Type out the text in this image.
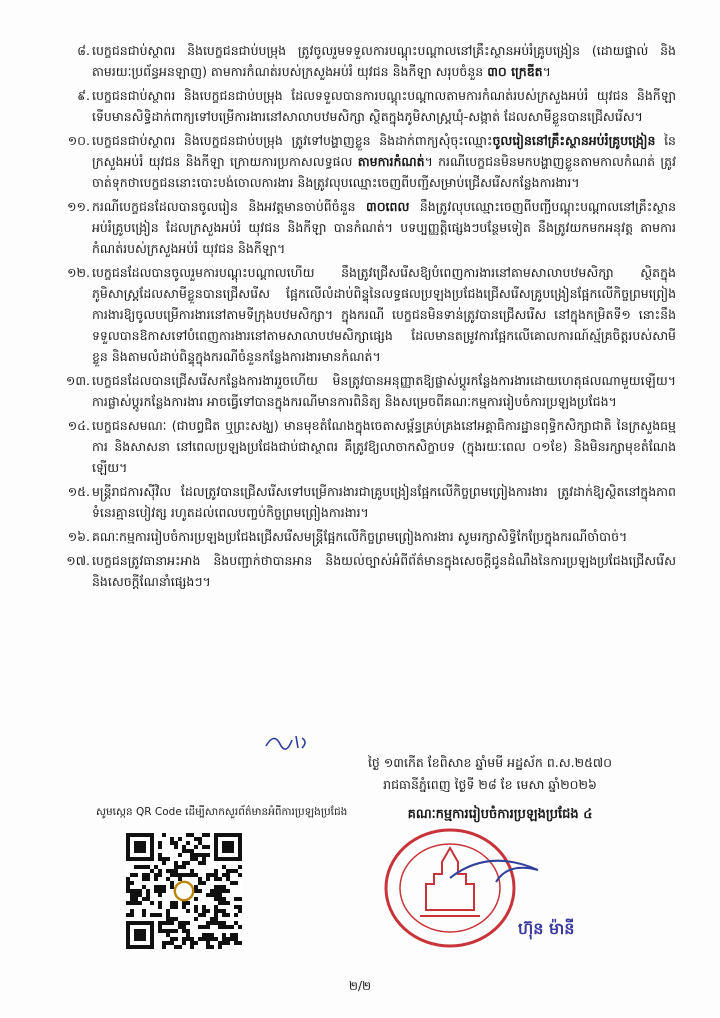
៨. បេក្ខជនជាប់ស្ថាពរ និងបេក្ខជនជាប់បម្រុង ត្រូវចូលរួមទទួលការបណ្តុះបណ្តាលនៅគ្រឹះស្ថានអប់រំគ្រូបង្រៀន (ដោយផ្ទាល់ និងតាមរយៈប្រព័ន្ធអនឡាញ) តាមការកំណត់របស់ក្រសួងអប់រំ យុវជន និងកីឡា សរុបចំនួន ៣០ ក្រេឌីត។
៩. បេក្ខជនជាប់ស្ថាពរ និងបេក្ខជនជាប់បម្រុង ដែលទទួលបានការបណ្តុះបណ្តាលតាមការកំណត់របស់ក្រសួងអប់រំ យុវជន និងកីឡា ទើបមានសិទ្ធិដាក់ពាក្យទៅបម្រើការងារនៅសាលាបឋមសិក្សា ស្ថិតក្នុងភូមិសាស្ត្រឃុំ-សង្កាត់ ដែលសាមីខ្លួនបានជ្រើសរើស។
១០. បេក្ខជនជាប់ស្ថាពរ និងបេក្ខជនជាប់បម្រុង ត្រូវទៅបង្ហាញខ្លួន និងដាក់ពាក្យសុំចុះឈ្មោះចូលរៀននៅគ្រឹះស្ថានអប់រំគ្រូបង្រៀន នៃក្រសួងអប់រំ យុវជន និងកីឡា ក្រោយការប្រកាសលទ្ធផល តាមការកំណត់។ ករណីបេក្ខជនមិនមកបង្ហាញខ្លួនតាមកាលកំណត់ ត្រូវចាត់ទុកថាបេក្ខជននោះបោះបង់ចោលការងារ និងត្រូវលុបឈ្មោះចេញពីបញ្ជីសម្រាប់ជ្រើសរើសកន្លែងការងារ។
១១. ករណីបេក្ខជនដែលបានចូលរៀន និងអវត្តមានចាប់ពីចំនួន ៣០ពេល នឹងត្រូវលុបឈ្មោះចេញពីបញ្ជីបណ្តុះបណ្តាលនៅគ្រឹះស្ថានអប់រំគ្រូបង្រៀន ដែលក្រសួងអប់រំ យុវជន និងកីឡា បានកំណត់។ បទប្បញ្ញត្តិផ្សេងៗបន្ថែមទៀត នឹងត្រូវយកមកអនុវត្ត តាមការកំណត់របស់ក្រសួងអប់រំ យុវជន និងកីឡា។
១២. បេក្ខជនដែលបានចូលរួមការបណ្តុះបណ្តាលហើយ នឹងត្រូវជ្រើសរើសឱ្យបំពេញការងារនៅតាមសាលាបឋមសិក្សា ស្ថិតក្នុងភូមិសាស្ត្រដែលសាមីខ្លួនបានជ្រើសរើស ផ្អែកលើលំដាប់ពិន្ទុនៃលទ្ធផលប្រឡងប្រជែងជ្រើសរើសគ្រូបង្រៀនផ្អែកលើកិច្ចព្រមព្រៀងការងារឱ្យចូលបម្រើការងារនៅតាមទីក្រុងបឋមសិក្សា។ ក្នុងករណី បេក្ខជនមិនទាន់ត្រូវបានជ្រើសរើស នៅក្នុងកម្រិតទី១ នោះនឹងទទួលបានឱកាសទៅបំពេញការងារនៅតាមសាលាបឋមសិក្សាផ្សេង ដែលមានតម្រូវការផ្អែកលើគោលការណ៍ស្ម័គ្រចិត្តរបស់សាមីខ្លួន និងតាមលំដាប់ពិន្ទុក្នុងករណីចំនួនកន្លែងការងារមានកំណត់។
១៣. បេក្ខជនដែលបានជ្រើសរើសកន្លែងការងាររួចហើយ មិនត្រូវបានអនុញ្ញាតឱ្យផ្លាស់ប្តូរកន្លែងការងារដោយហេតុផលណាមួយឡើយ។ ការផ្លាស់ប្តូរកន្លែងការងារ អាចធ្វើទៅបានក្នុងករណីមានការពិនិត្យ និងសម្រេចពីគណៈកម្មការរៀបចំការប្រឡងប្រជែង។
១៤. បេក្ខជនសមណៈ (ជាបព្វជិត ឬព្រះសង្ឃ) មានមុខតំណែងក្នុងចេតាសម្ព័ន្ធគ្រប់គ្រងនៅអគ្គាធិការដ្ឋានពុទ្ធិកសិក្សាជាតិ នៃក្រសួងធម្មការ និងសាសនា នៅពេលប្រឡងប្រជែងជាប់ជាស្ថាពរ គឺត្រូវឱ្យលាចាកសិក្ខាបទ (ក្នុងរយៈពេល ០១ខែ) និងមិនរក្សាមុខតំណែងឡើយ។
១៥. មន្ត្រីរាជការស៊ីវិល ដែលត្រូវបានជ្រើសរើសទៅបម្រើការងារជាគ្រូបង្រៀនផ្អែកលើកិច្ចព្រមព្រៀងការងារ ត្រូវដាក់ឱ្យស្ថិតនៅក្នុងភាពទំនេរគ្មានបៀវត្ស រហូតដល់ពេលបញ្ចប់កិច្ចព្រមព្រៀងការងារ។
១៦. គណៈកម្មការរៀបចំការប្រឡងប្រជែងជ្រើសរើសមន្ត្រីផ្អែកលើកិច្ចព្រមព្រៀងការងារ សូមរក្សាសិទ្ធិកែប្រែក្នុងករណីចាំបាច់។
១៧. បេក្ខជនត្រូវធានាអះអាង និងបញ្ជាក់ថាបានអាន និងយល់ច្បាស់អំពីព័ត៌មានក្នុងសេចក្តីជូនដំណឹងនៃការប្រឡងប្រជែងជ្រើសរើស និងសេចក្តីណែនាំផ្សេងៗ។
ថ្ងៃ ១៣កើត ខែពិសាខ ឆ្នាំមមី អដ្ឋស័ក ព.ស.២៥៧០
រាជធានីភ្នំពេញ ថ្ងៃទី ២៨ ខែ មេសា ឆ្នាំ២០២៦
គណៈកម្មការរៀបចំការប្រឡងប្រជែង ៤
សូមស្កេន QR Code ដើម្បីសាកសួរព័ត៌មានអំពីការប្រឡងប្រជែង
ហ៊ុន ម៉ានី
២/២
